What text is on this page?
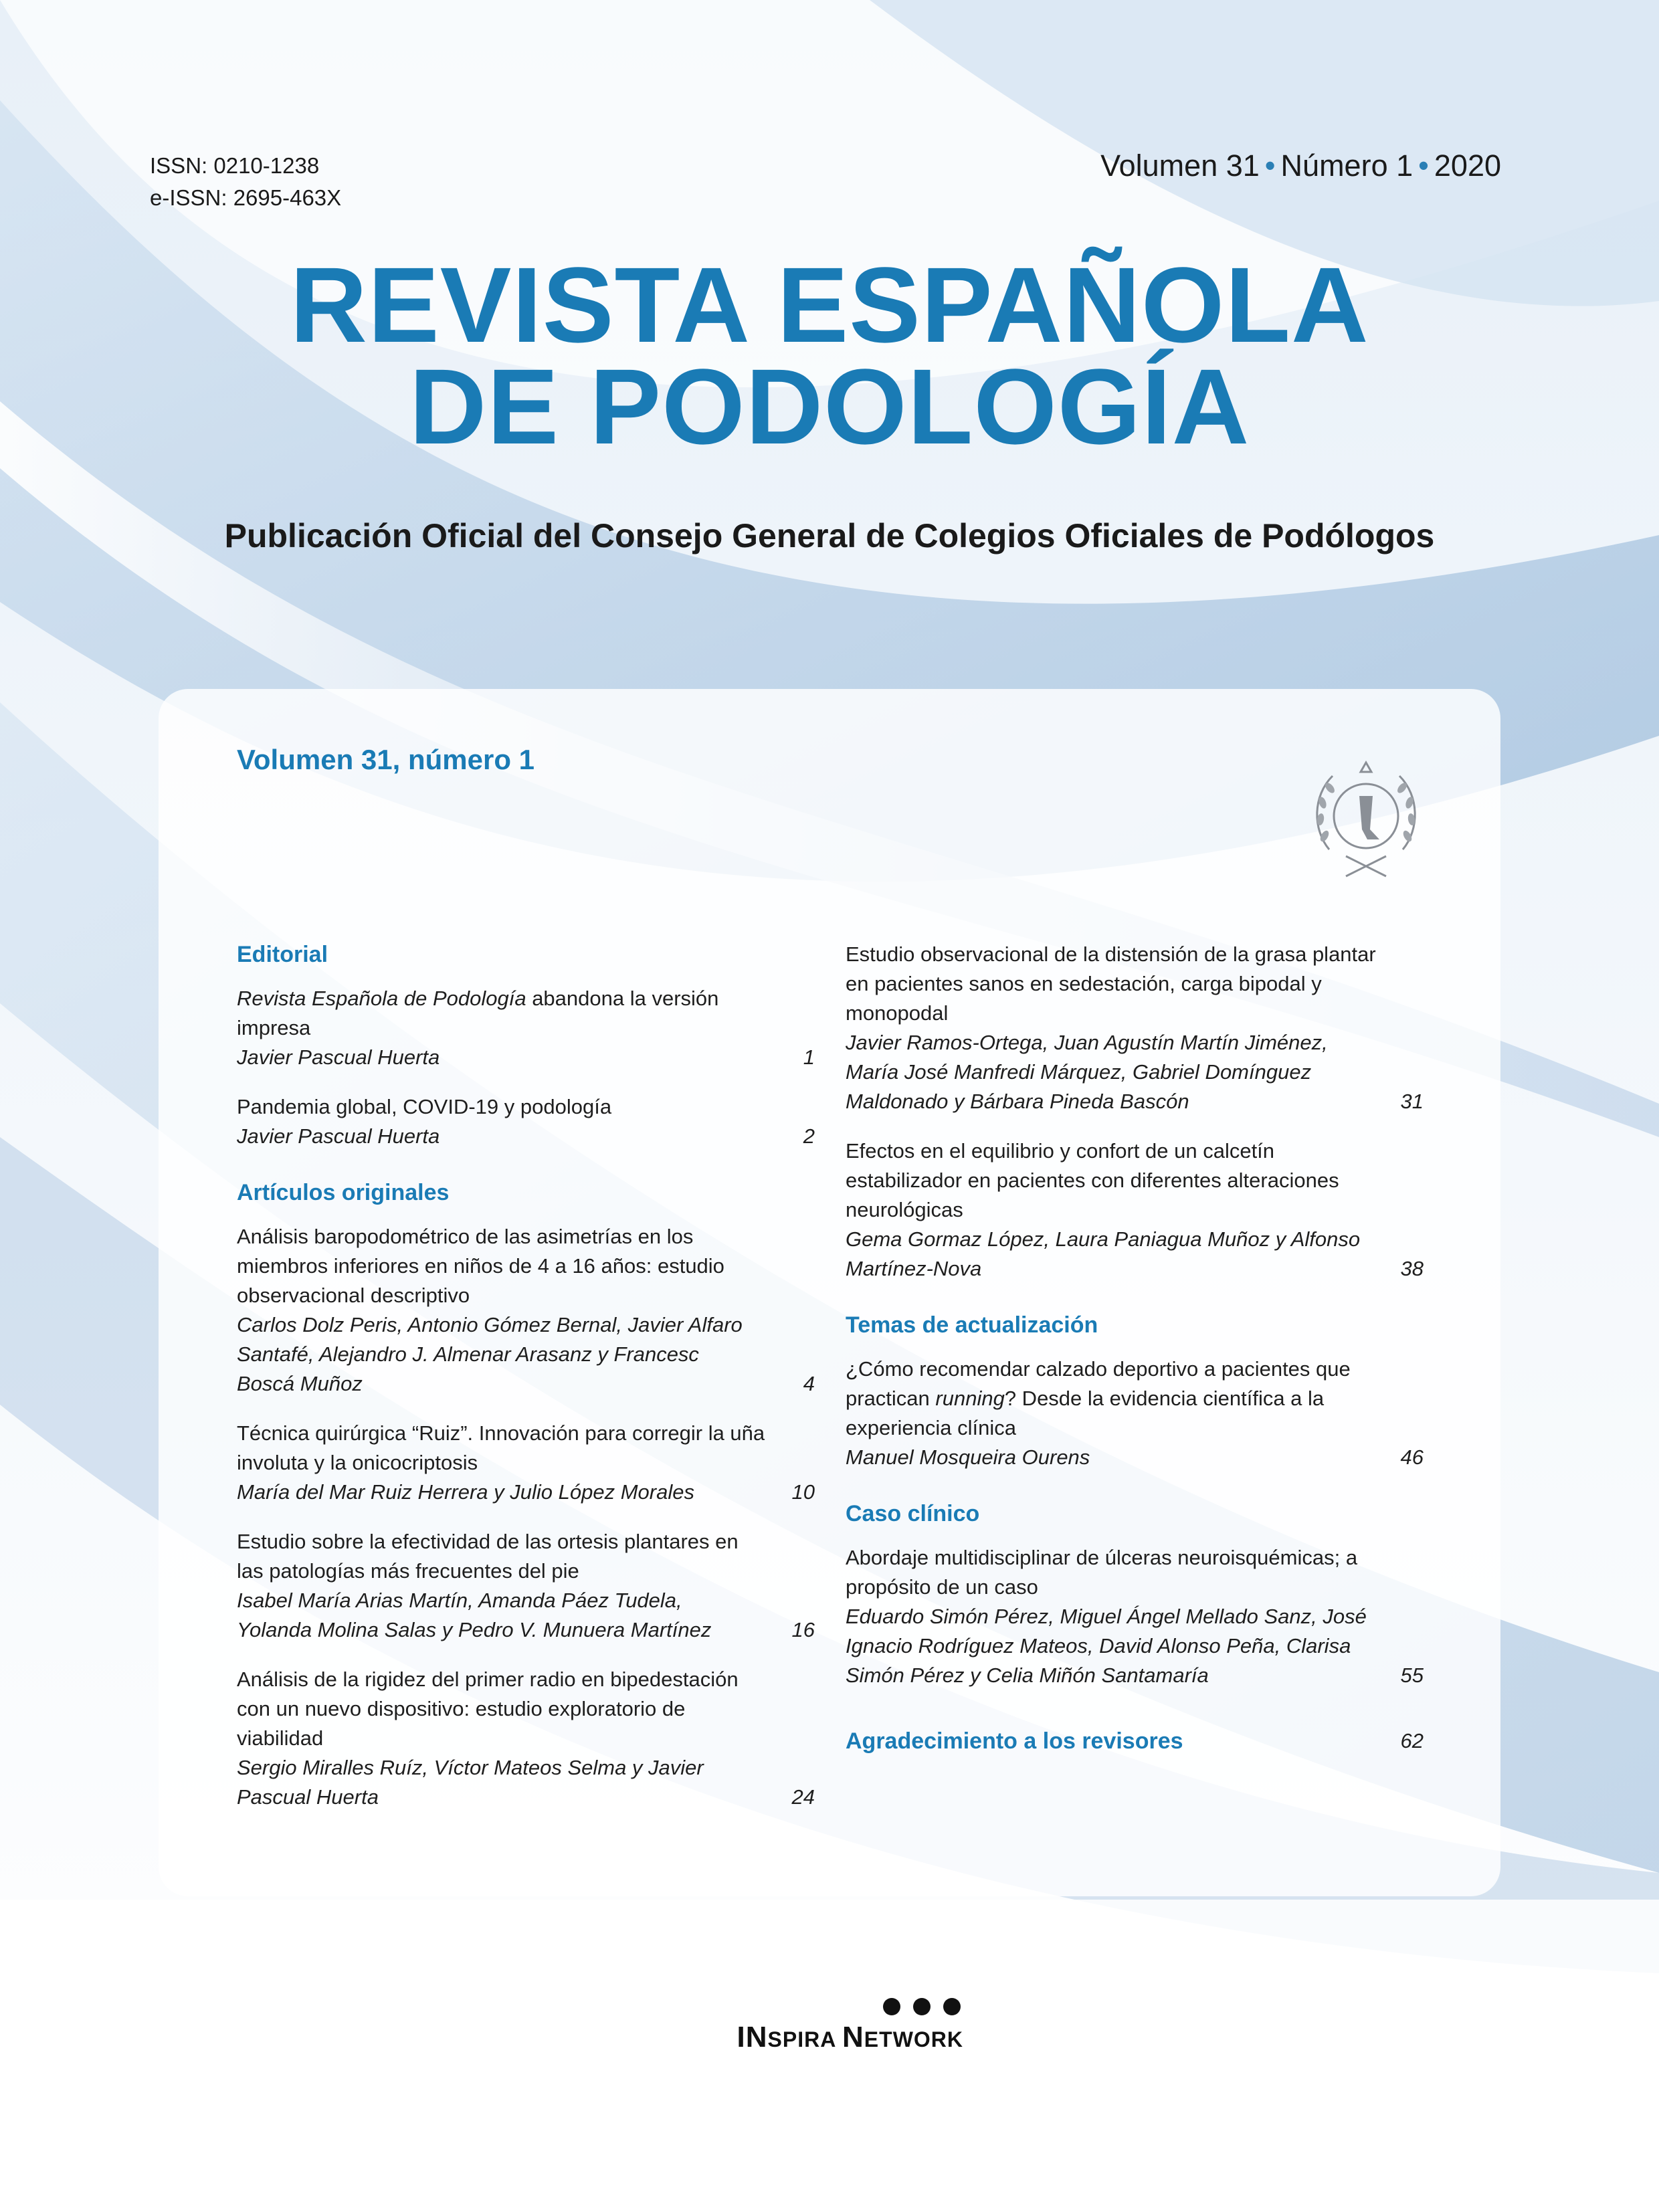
ISSN: 0210-1238
e-ISSN: 2695-463X
Volumen 31 • Número 1 • 2020
REVISTA ESPAÑOLA
DE PODOLOGÍA
Publicación Oficial del Consejo General de Colegios Oficiales de Podólogos
Volumen 31, número 1
Editorial
Revista Española de Podología abandona la versión impresa
Javier Pascual Huerta	1
Pandemia global, COVID-19 y podología
Javier Pascual Huerta	2
Artículos originales
Análisis baropodométrico de las asimetrías en los miembros inferiores en niños de 4 a 16 años: estudio observacional descriptivo
Carlos Dolz Peris, Antonio Gómez Bernal, Javier Alfaro Santafé, Alejandro J. Almenar Arasanz y Francesc Boscá Muñoz	4
Técnica quirúrgica “Ruiz”. Innovación para corregir la uña involuta y la onicocriptosis
María del Mar Ruiz Herrera y Julio López Morales	10
Estudio sobre la efectividad de las ortesis plantares en las patologías más frecuentes del pie
Isabel María Arias Martín, Amanda Páez Tudela, Yolanda Molina Salas y Pedro V. Munuera Martínez	16
Análisis de la rigidez del primer radio en bipedestación con un nuevo dispositivo: estudio exploratorio de viabilidad
Sergio Miralles Ruíz, Víctor Mateos Selma y Javier Pascual Huerta	24
Estudio observacional de la distensión de la grasa plantar en pacientes sanos en sedestación, carga bipodal y monopodal
Javier Ramos-Ortega, Juan Agustín Martín Jiménez, María José Manfredi Márquez, Gabriel Domínguez Maldonado y Bárbara Pineda Bascón	31
Efectos en el equilibrio y confort de un calcetín estabilizador en pacientes con diferentes alteraciones neurológicas
Gema Gormaz López, Laura Paniagua Muñoz y Alfonso Martínez-Nova	38
Temas de actualización
¿Cómo recomendar calzado deportivo a pacientes que practican running? Desde la evidencia científica a la experiencia clínica
Manuel Mosqueira Ourens	46
Caso clínico
Abordaje multidisciplinar de úlceras neuroisquémicas; a propósito de un caso
Eduardo Simón Pérez, Miguel Ángel Mellado Sanz, José Ignacio Rodríguez Mateos, David Alonso Peña, Clarisa Simón Pérez y Celia Miñón Santamaría	55
Agradecimiento a los revisores	62
INSPIRA NETWORK
